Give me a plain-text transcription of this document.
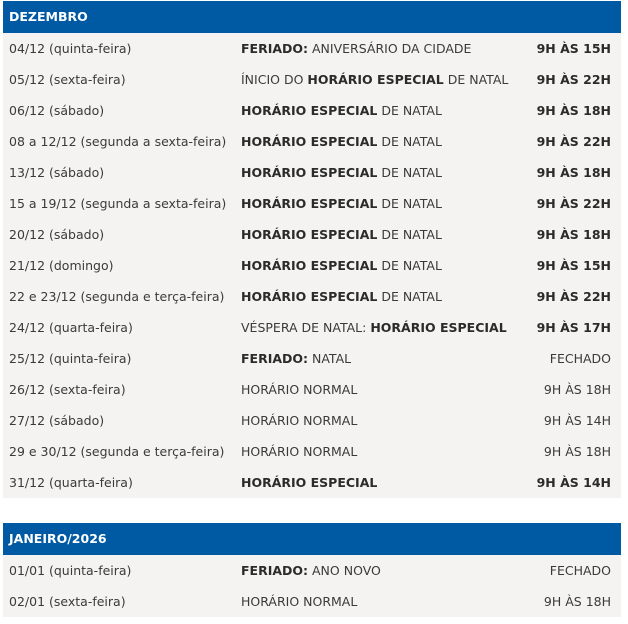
DEZEMBRO
04/12 (quinta-feira)	FERIADO: ANIVERSÁRIO DA CIDADE	9H ÀS 15H
05/12 (sexta-feira)	ÍNICIO DO HORÁRIO ESPECIAL DE NATAL 9H ÀS 22H
06/12 (sábado)	HORÁRIO ESPECIAL DE NATAL	9H ÀS 18H
08 a 12/12 (segunda a sexta-feira) HORÁRIO ESPECIAL DE NATAL	9H ÀS 22H
13/12 (sábado)	HORÁRIO ESPECIAL DE NATAL	9H ÀS 18H
15 a 19/12 (segunda a sexta-feira) HORÁRIO ESPECIAL DE NATAL	9H ÀS 22H
20/12 (sábado)	HORÁRIO ESPECIAL DE NATAL	9H ÀS 18H
21/12 (domingo)	HORÁRIO ESPECIAL DE NATAL	9H ÀS 15H
22 e 23/12 (segunda e terça-feira) HORÁRIO ESPECIAL DE NATAL	9H ÀS 22H
24/12 (quarta-feira)	VÉSPERA DE NATAL: HORÁRIO ESPECIAL 9H ÀS 17H
25/12 (quinta-feira)	FERIADO: NATAL	FECHADO
26/12 (sexta-feira)	HORÁRIO NORMAL	9H ÀS 18H
27/12 (sábado)	HORÁRIO NORMAL	9H ÀS 14H
29 e 30/12 (segunda e terça-feira) HORÁRIO NORMAL	9H ÀS 18H
31/12 (quarta-feira)	HORÁRIO ESPECIAL	9H ÀS 14H
JANEIRO/2026
01/01 (quinta-feira)	FERIADO: ANO NOVO	FECHADO
02/01 (sexta-feira)	HORÁRIO NORMAL	9H ÀS 18H
